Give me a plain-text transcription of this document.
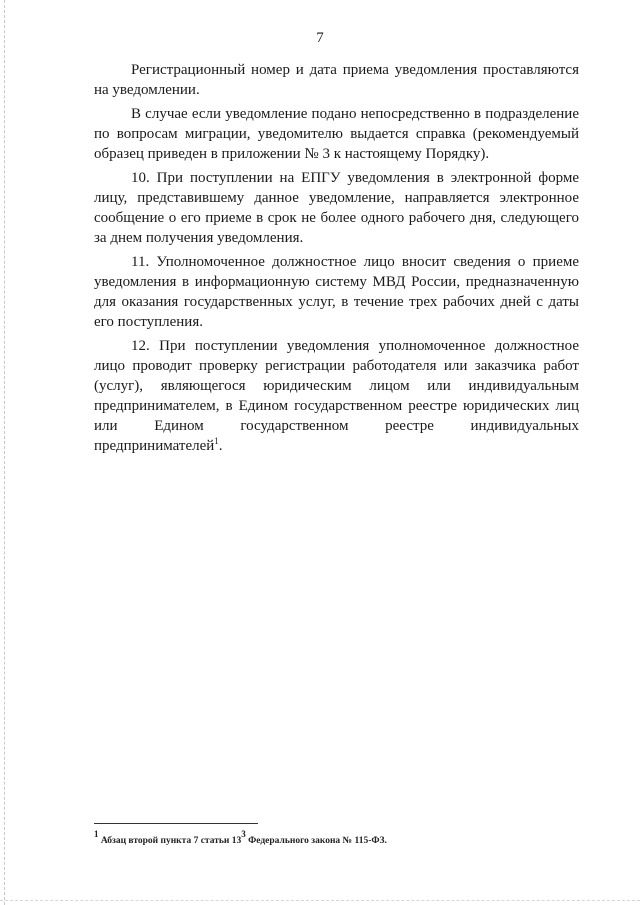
7

Регистрационный номер и дата приема уведомления проставляются на уведомлении.

В случае если уведомление подано непосредственно в подразделение по вопросам миграции, уведомителю выдается справка (рекомендуемый образец приведен в приложении № 3 к настоящему Порядку).

10. При поступлении на ЕПГУ уведомления в электронной форме лицу, представившему данное уведомление, направляется электронное сообщение о его приеме в срок не более одного рабочего дня, следующего за днем получения уведомления.

11. Уполномоченное должностное лицо вносит сведения о приеме уведомления в информационную систему МВД России, предназначенную для оказания государственных услуг, в течение трех рабочих дней с даты его поступления.

12. При поступлении уведомления уполномоченное должностное лицо проводит проверку регистрации работодателя или заказчика работ (услуг), являющегося юридическим лицом или индивидуальным предпринимателем, в Едином государственном реестре юридических лиц или Едином государственном реестре индивидуальных предпринимателей$^1$.

$^1$ Абзац второй пункта 7 статьи $13^3$ Федерального закона № 115-ФЗ.
